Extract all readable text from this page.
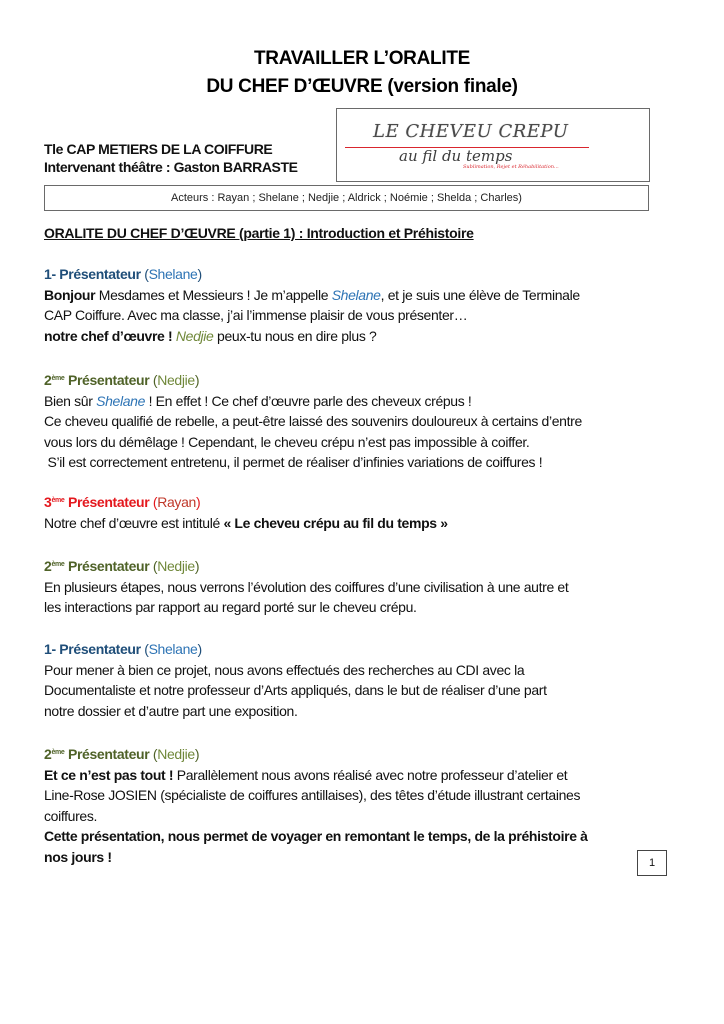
TRAVAILLER L’ORALITE
DU CHEF D’ŒUVRE (version finale)
Tle CAP METIERS DE LA COIFFURE
Intervenant théâtre : Gaston BARRASTE
LE CHEVEU CREPU
au fil du temps
Sublimation, Rejet et Réhabilitation...
Acteurs : Rayan ; Shelane ; Nedjie ; Aldrick ; Noémie ; Shelda ; Charles)
ORALITE DU CHEF D’ŒUVRE (partie 1) : Introduction et Préhistoire
1- Présentateur (Shelane)
Bonjour Mesdames et Messieurs ! Je m’appelle Shelane, et je suis une élève de Terminale
CAP Coiffure. Avec ma classe, j’ai l’immense plaisir de vous présenter…
notre chef d’œuvre ! Nedjie peux-tu nous en dire plus ?
2ème Présentateur (Nedjie)
Bien sûr Shelane ! En effet ! Ce chef d’œuvre parle des cheveux crépus !
Ce cheveu qualifié de rebelle, a peut-être laissé des souvenirs douloureux à certains d’entre
vous lors du démêlage ! Cependant, le cheveu crépu n’est pas impossible à coiffer.
S’il est correctement entretenu, il permet de réaliser d’infinies variations de coiffures !
3ème Présentateur (Rayan)
Notre chef d’œuvre est intitulé « Le cheveu crépu au fil du temps »
2ème Présentateur (Nedjie)
En plusieurs étapes, nous verrons l’évolution des coiffures d’une civilisation à une autre et
les interactions par rapport au regard porté sur le cheveu crépu.
1- Présentateur (Shelane)
Pour mener à bien ce projet, nous avons effectués des recherches au CDI avec la
Documentaliste et notre professeur d’Arts appliqués, dans le but de réaliser d’une part
notre dossier et d’autre part une exposition.
2ème Présentateur (Nedjie)
Et ce n’est pas tout ! Parallèlement nous avons réalisé avec notre professeur d’atelier et
Line-Rose JOSIEN (spécialiste de coiffures antillaises), des têtes d’étude illustrant certaines
coiffures.
Cette présentation, nous permet de voyager en remontant le temps, de la préhistoire à
nos jours !	1
